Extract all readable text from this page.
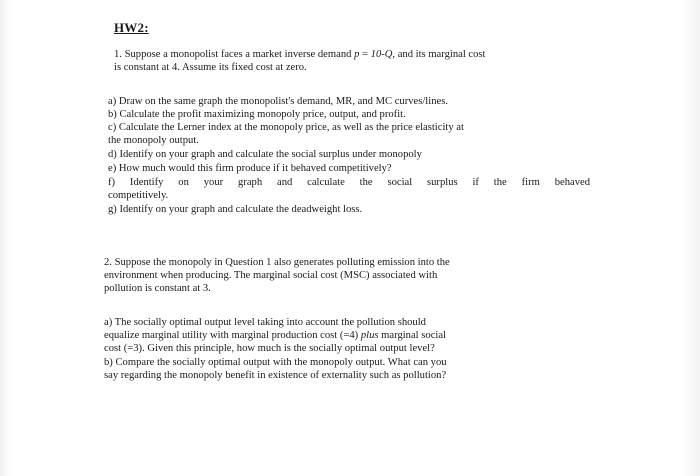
HW2:
1. Suppose a monopolist faces a market inverse demand p = 10-Q, and its marginal cost
is constant at 4. Assume its fixed cost at zero.
a) Draw on the same graph the monopolist's demand, MR, and MC curves/lines.
b) Calculate the profit maximizing monopoly price, output, and profit.
c) Calculate the Lerner index at the monopoly price, as well as the price elasticity at
the monopoly output.
d) Identify on your graph and calculate the social surplus under monopoly
e) How much would this firm produce if it behaved competitively?
f) Identify on your graph and calculate the social surplus if the firm behaved
competitively.
g) Identify on your graph and calculate the deadweight loss.
2. Suppose the monopoly in Question 1 also generates polluting emission into the
environment when producing. The marginal social cost (MSC) associated with
pollution is constant at 3.
a) The socially optimal output level taking into account the pollution should
equalize marginal utility with marginal production cost (=4) plus marginal social
cost (=3). Given this principle, how much is the socially optimal output level?
b) Compare the socially optimal output with the monopoly output. What can you
say regarding the monopoly benefit in existence of externality such as pollution?
